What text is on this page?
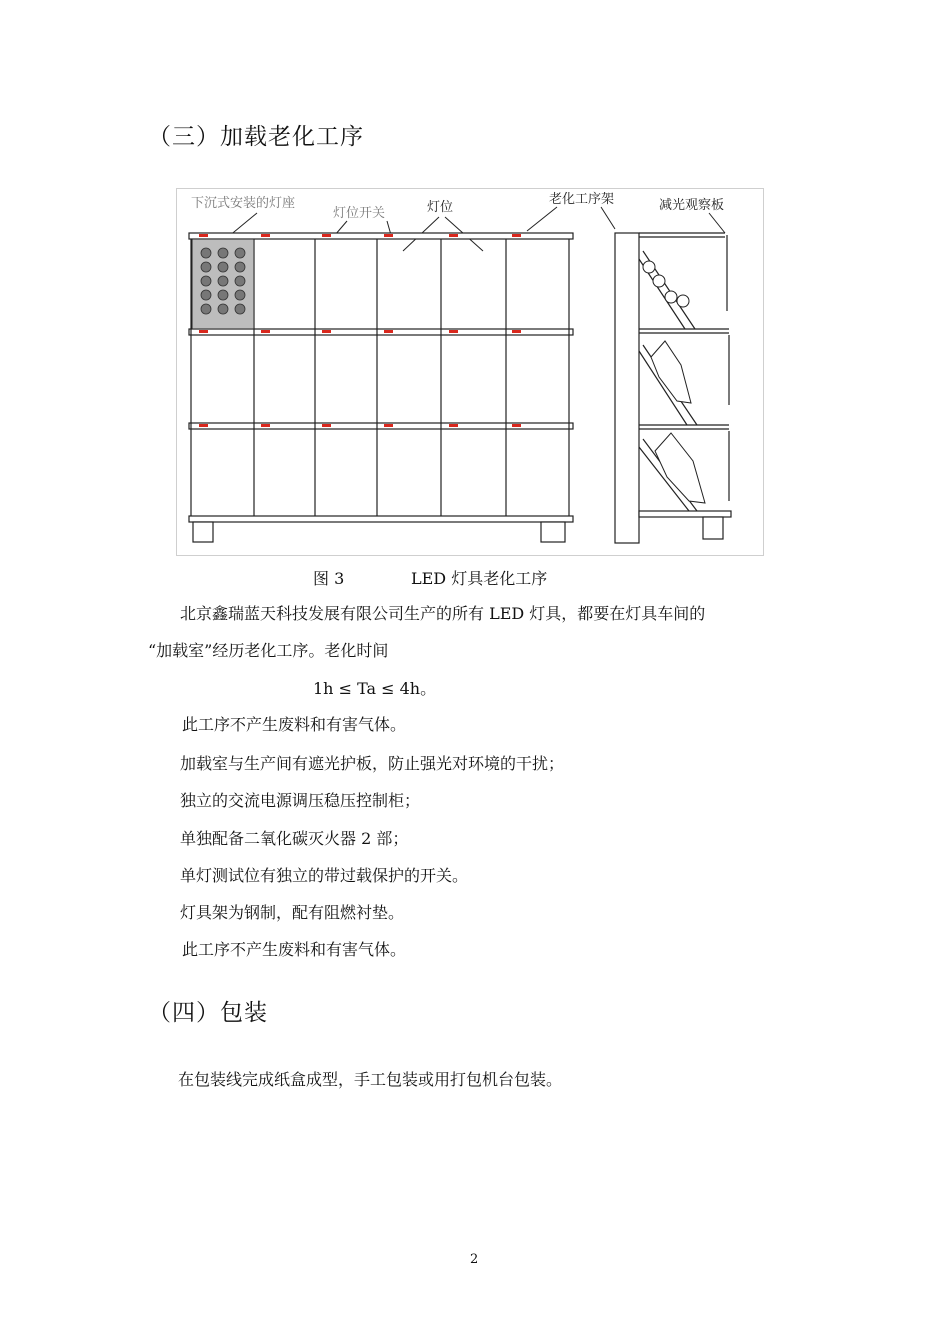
（三）加载老化工序
下沉式安装的灯座
灯位开关	灯位
老化工序架	减光观察板
图 3	LED 灯具老化工序
北京鑫瑞蓝天科技发展有限公司生产的所有 LED 灯具，都要在灯具车间的
“加载室”经历老化工序。老化时间
1h ≤ Ta ≤ 4h。
此工序不产生废料和有害气体。
加载室与生产间有遮光护板，防止强光对环境的干扰；
独立的交流电源调压稳压控制柜；
单独配备二氧化碳灭火器 2 部；
单灯测试位有独立的带过载保护的开关。
灯具架为钢制，配有阻燃衬垫。
此工序不产生废料和有害气体。
（四）包装
在包装线完成纸盒成型，手工包装或用打包机台包装。
2
